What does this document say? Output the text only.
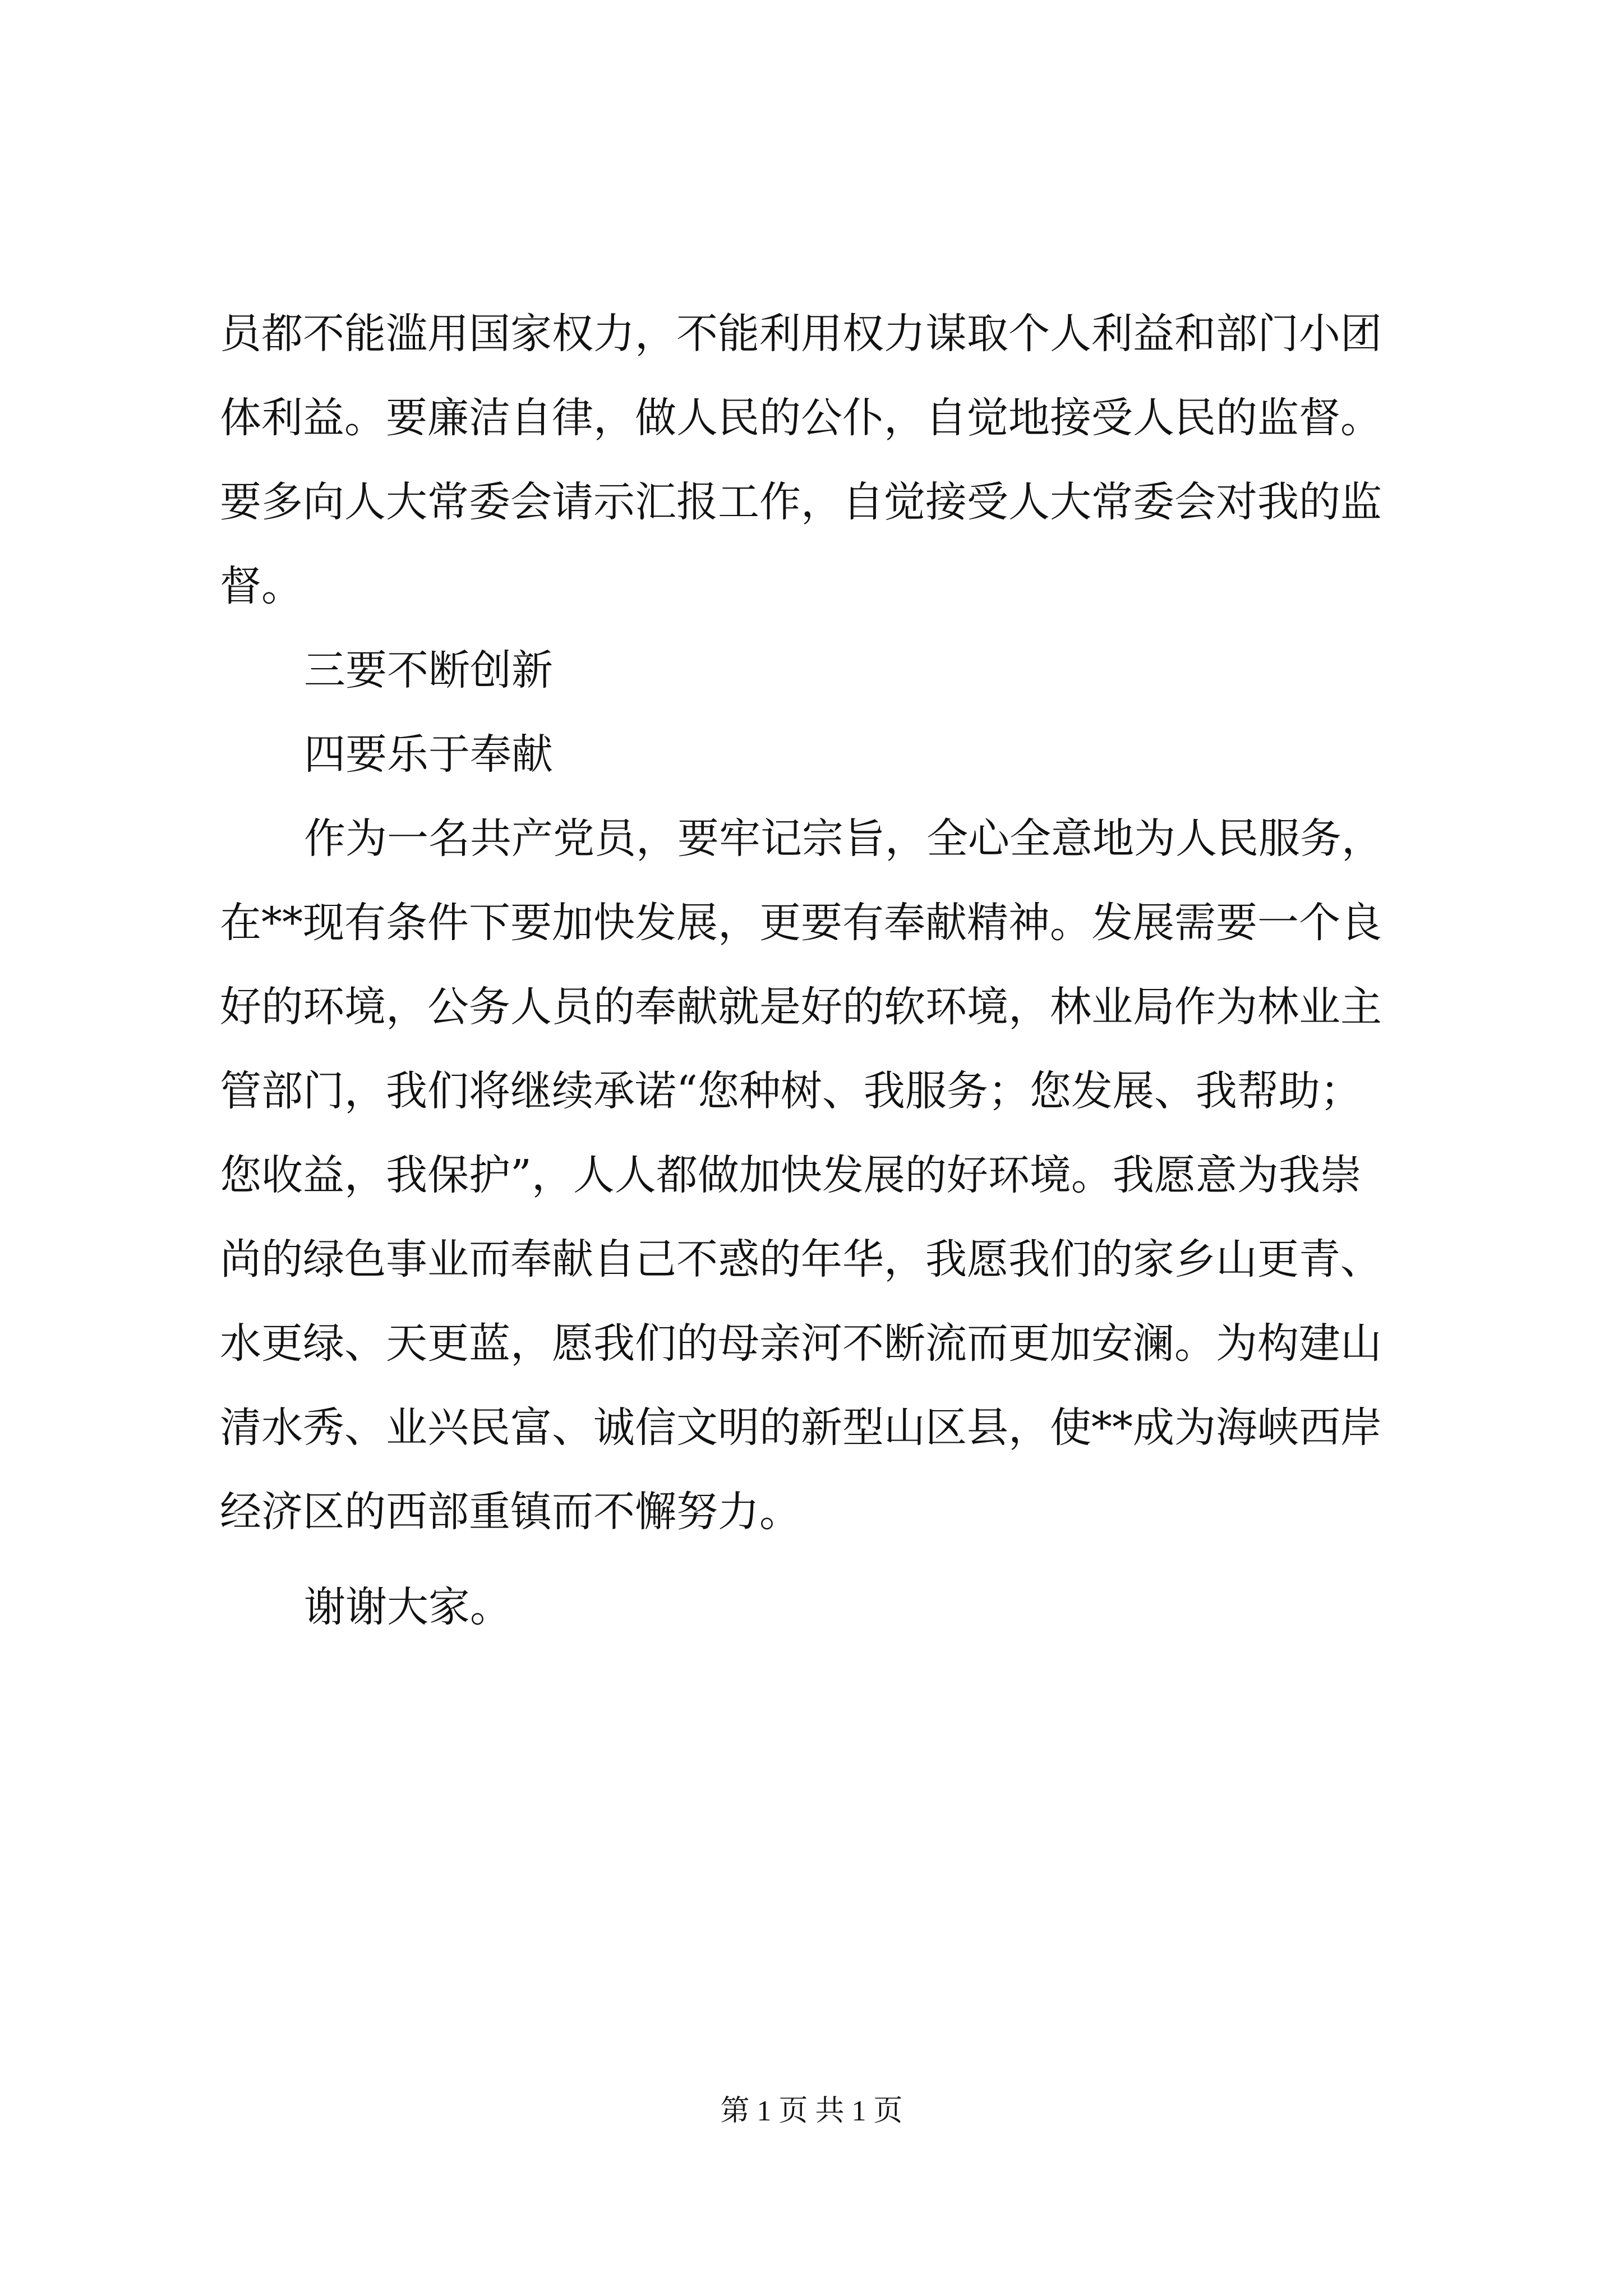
员都不能滥用国家权力，不能利用权力谋取个人利益和部门小团
体利益。要廉洁自律，做人民的公仆，自觉地接受人民的监督。
要多向人大常委会请示汇报工作，自觉接受人大常委会对我的监
督。
三要不断创新
四要乐于奉献
作为一名共产党员，要牢记宗旨，全心全意地为人民服务，
在**现有条件下要加快发展，更要有奉献精神。发展需要一个良
好的环境，公务人员的奉献就是好的软环境，林业局作为林业主
管部门，我们将继续承诺“您种树、我服务；您发展、我帮助；
您收益，我保护”，人人都做加快发展的好环境。我愿意为我崇
尚的绿色事业而奉献自己不惑的年华，我愿我们的家乡山更青、
水更绿、天更蓝，愿我们的母亲河不断流而更加安澜。为构建山
清水秀、业兴民富、诚信文明的新型山区县，使**成为海峡西岸
经济区的西部重镇而不懈努力。
谢谢大家。
第 1 页 共 1 页
